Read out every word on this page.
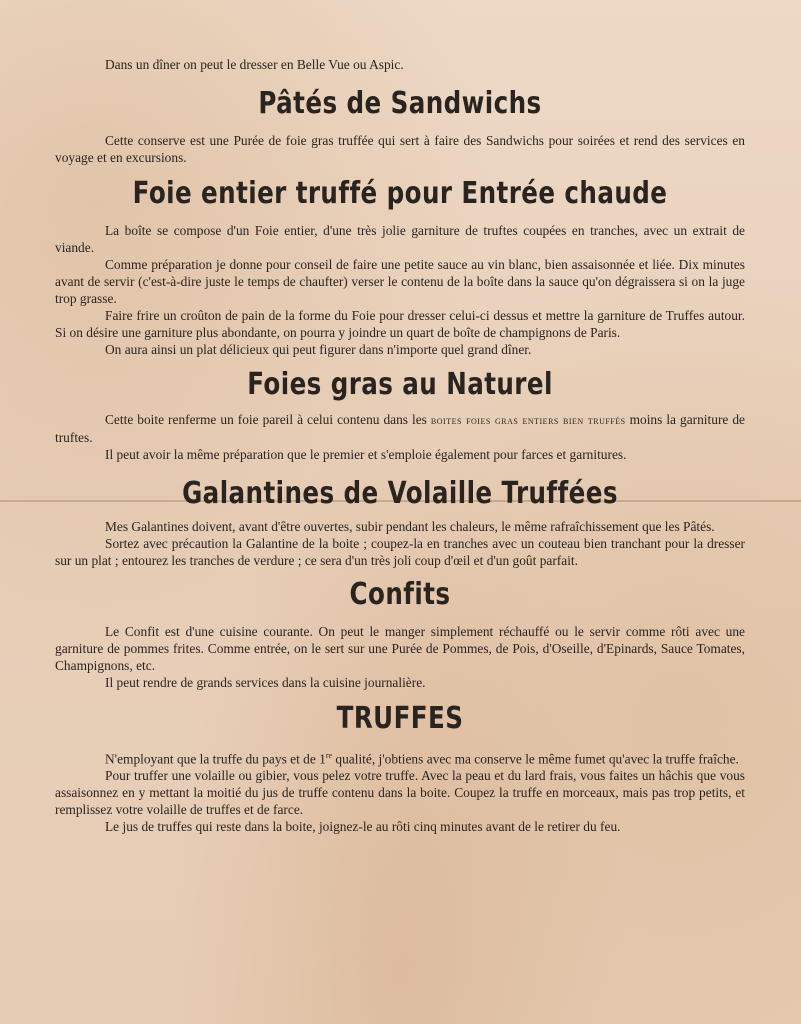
Dans un dîner on peut le dresser en Belle Vue ou Aspic.

Pâtés de Sandwichs

Cette conserve est une Purée de foie gras truffée qui sert à faire des Sandwichs pour soirées et rend des services en voyage et en excursions.

Foie entier truffé pour Entrée chaude

La boîte se compose d'un Foie entier, d'une très jolie garniture de truftes coupées en tranches, avec un extrait de viande.

Comme préparation je donne pour conseil de faire une petite sauce au vin blanc, bien assaisonnée et liée. Dix minutes avant de servir (c'est-à-dire juste le temps de chaufter) verser le contenu de la boîte dans la sauce qu'on dégraissera si on la juge trop grasse.

Faire frire un croûton de pain de la forme du Foie pour dresser celui-ci dessus et mettre la garniture de Truffes autour. Si on désire une garniture plus abondante, on pourra y joindre un quart de boîte de champignons de Paris.

On aura ainsi un plat délicieux qui peut figurer dans n'importe quel grand dîner.

Foies gras au Naturel

Cette boite renferme un foie pareil à celui contenu dans les boites foies gras entiers bien truffés moins la garniture de truftes.

Il peut avoir la même préparation que le premier et s'emploie également pour farces et garnitures.

Galantines de Volaille Truffées

Mes Galantines doivent, avant d'être ouvertes, subir pendant les chaleurs, le même rafraîchissement que les Pâtés.

Sortez avec précaution la Galantine de la boite ; coupez-la en tranches avec un couteau bien tranchant pour la dresser sur un plat ; entourez les tranches de verdure ; ce sera d'un très joli coup d'œil et d'un goût parfait.

Confits

Le Confit est d'une cuisine courante. On peut le manger simplement réchauffé ou le servir comme rôti avec une garniture de pommes frites. Comme entrée, on le sert sur une Purée de Pommes, de Pois, d'Oseille, d'Epinards, Sauce Tomates, Champignons, etc.

Il peut rendre de grands services dans la cuisine journalière.

TRUFFES

N'employant que la truffe du pays et de 1re qualité, j'obtiens avec ma conserve le même fumet qu'avec la truffe fraîche.

Pour truffer une volaille ou gibier, vous pelez votre truffe. Avec la peau et du lard frais, vous faites un hâchis que vous assaisonnez en y mettant la moitié du jus de truffe contenu dans la boite. Coupez la truffe en morceaux, mais pas trop petits, et remplissez votre volaille de truffes et de farce.

Le jus de truffes qui reste dans la boite, joignez-le au rôti cinq minutes avant de le retirer du feu.
